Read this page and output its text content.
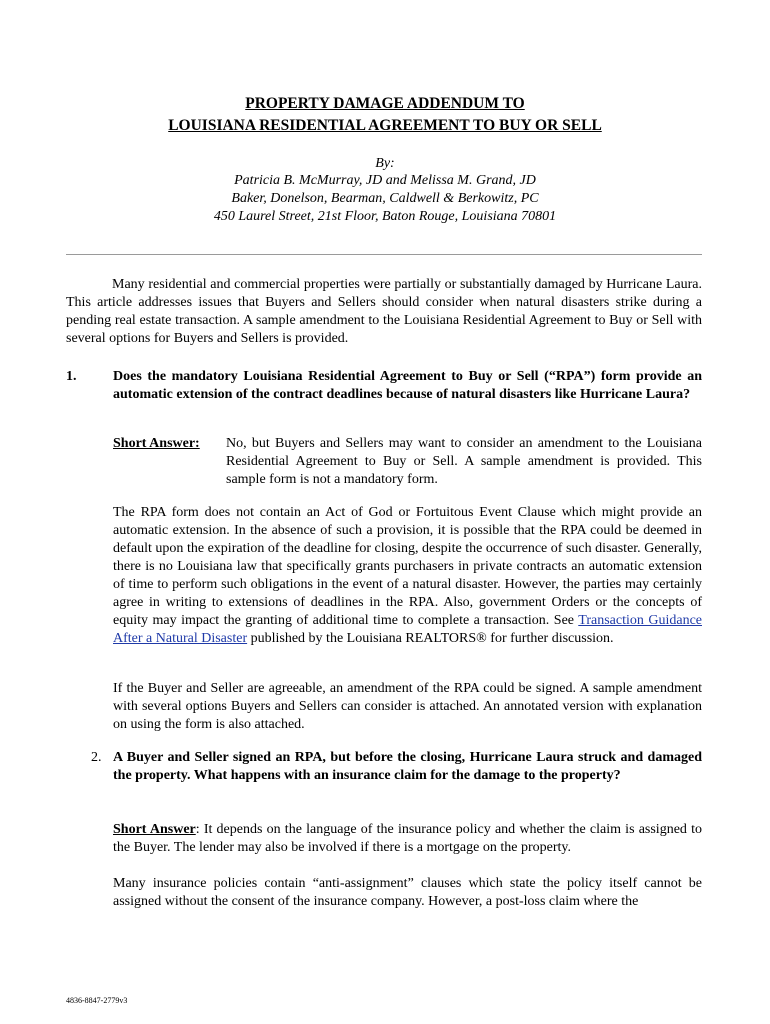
PROPERTY DAMAGE ADDENDUM TO
LOUISIANA RESIDENTIAL AGREEMENT TO BUY OR SELL
By:
Patricia B. McMurray, JD and Melissa M. Grand, JD
Baker, Donelson, Bearman, Caldwell & Berkowitz, PC
450 Laurel Street, 21st Floor, Baton Rouge, Louisiana 70801
Many residential and commercial properties were partially or substantially damaged by Hurricane Laura. This article addresses issues that Buyers and Sellers should consider when natural disasters strike during a pending real estate transaction. A sample amendment to the Louisiana Residential Agreement to Buy or Sell with several options for Buyers and Sellers is provided.
1.	Does the mandatory Louisiana Residential Agreement to Buy or Sell (“RPA”) form provide an automatic extension of the contract deadlines because of natural disasters like Hurricane Laura?
Short Answer: No, but Buyers and Sellers may want to consider an amendment to the Louisiana Residential Agreement to Buy or Sell. A sample amendment is provided. This sample form is not a mandatory form.
The RPA form does not contain an Act of God or Fortuitous Event Clause which might provide an automatic extension. In the absence of such a provision, it is possible that the RPA could be deemed in default upon the expiration of the deadline for closing, despite the occurrence of such disaster. Generally, there is no Louisiana law that specifically grants purchasers in private contracts an automatic extension of time to perform such obligations in the event of a natural disaster. However, the parties may certainly agree in writing to extensions of deadlines in the RPA. Also, government Orders or the concepts of equity may impact the granting of additional time to complete a transaction. See Transaction Guidance After a Natural Disaster published by the Louisiana REALTORS® for further discussion.
If the Buyer and Seller are agreeable, an amendment of the RPA could be signed. A sample amendment with several options Buyers and Sellers can consider is attached. An annotated version with explanation on using the form is also attached.
2. A Buyer and Seller signed an RPA, but before the closing, Hurricane Laura struck and damaged the property. What happens with an insurance claim for the damage to the property?
Short Answer: It depends on the language of the insurance policy and whether the claim is assigned to the Buyer. The lender may also be involved if there is a mortgage on the property.
Many insurance policies contain “anti-assignment” clauses which state the policy itself cannot be assigned without the consent of the insurance company. However, a post-loss claim where the
4836-8847-2779v3
